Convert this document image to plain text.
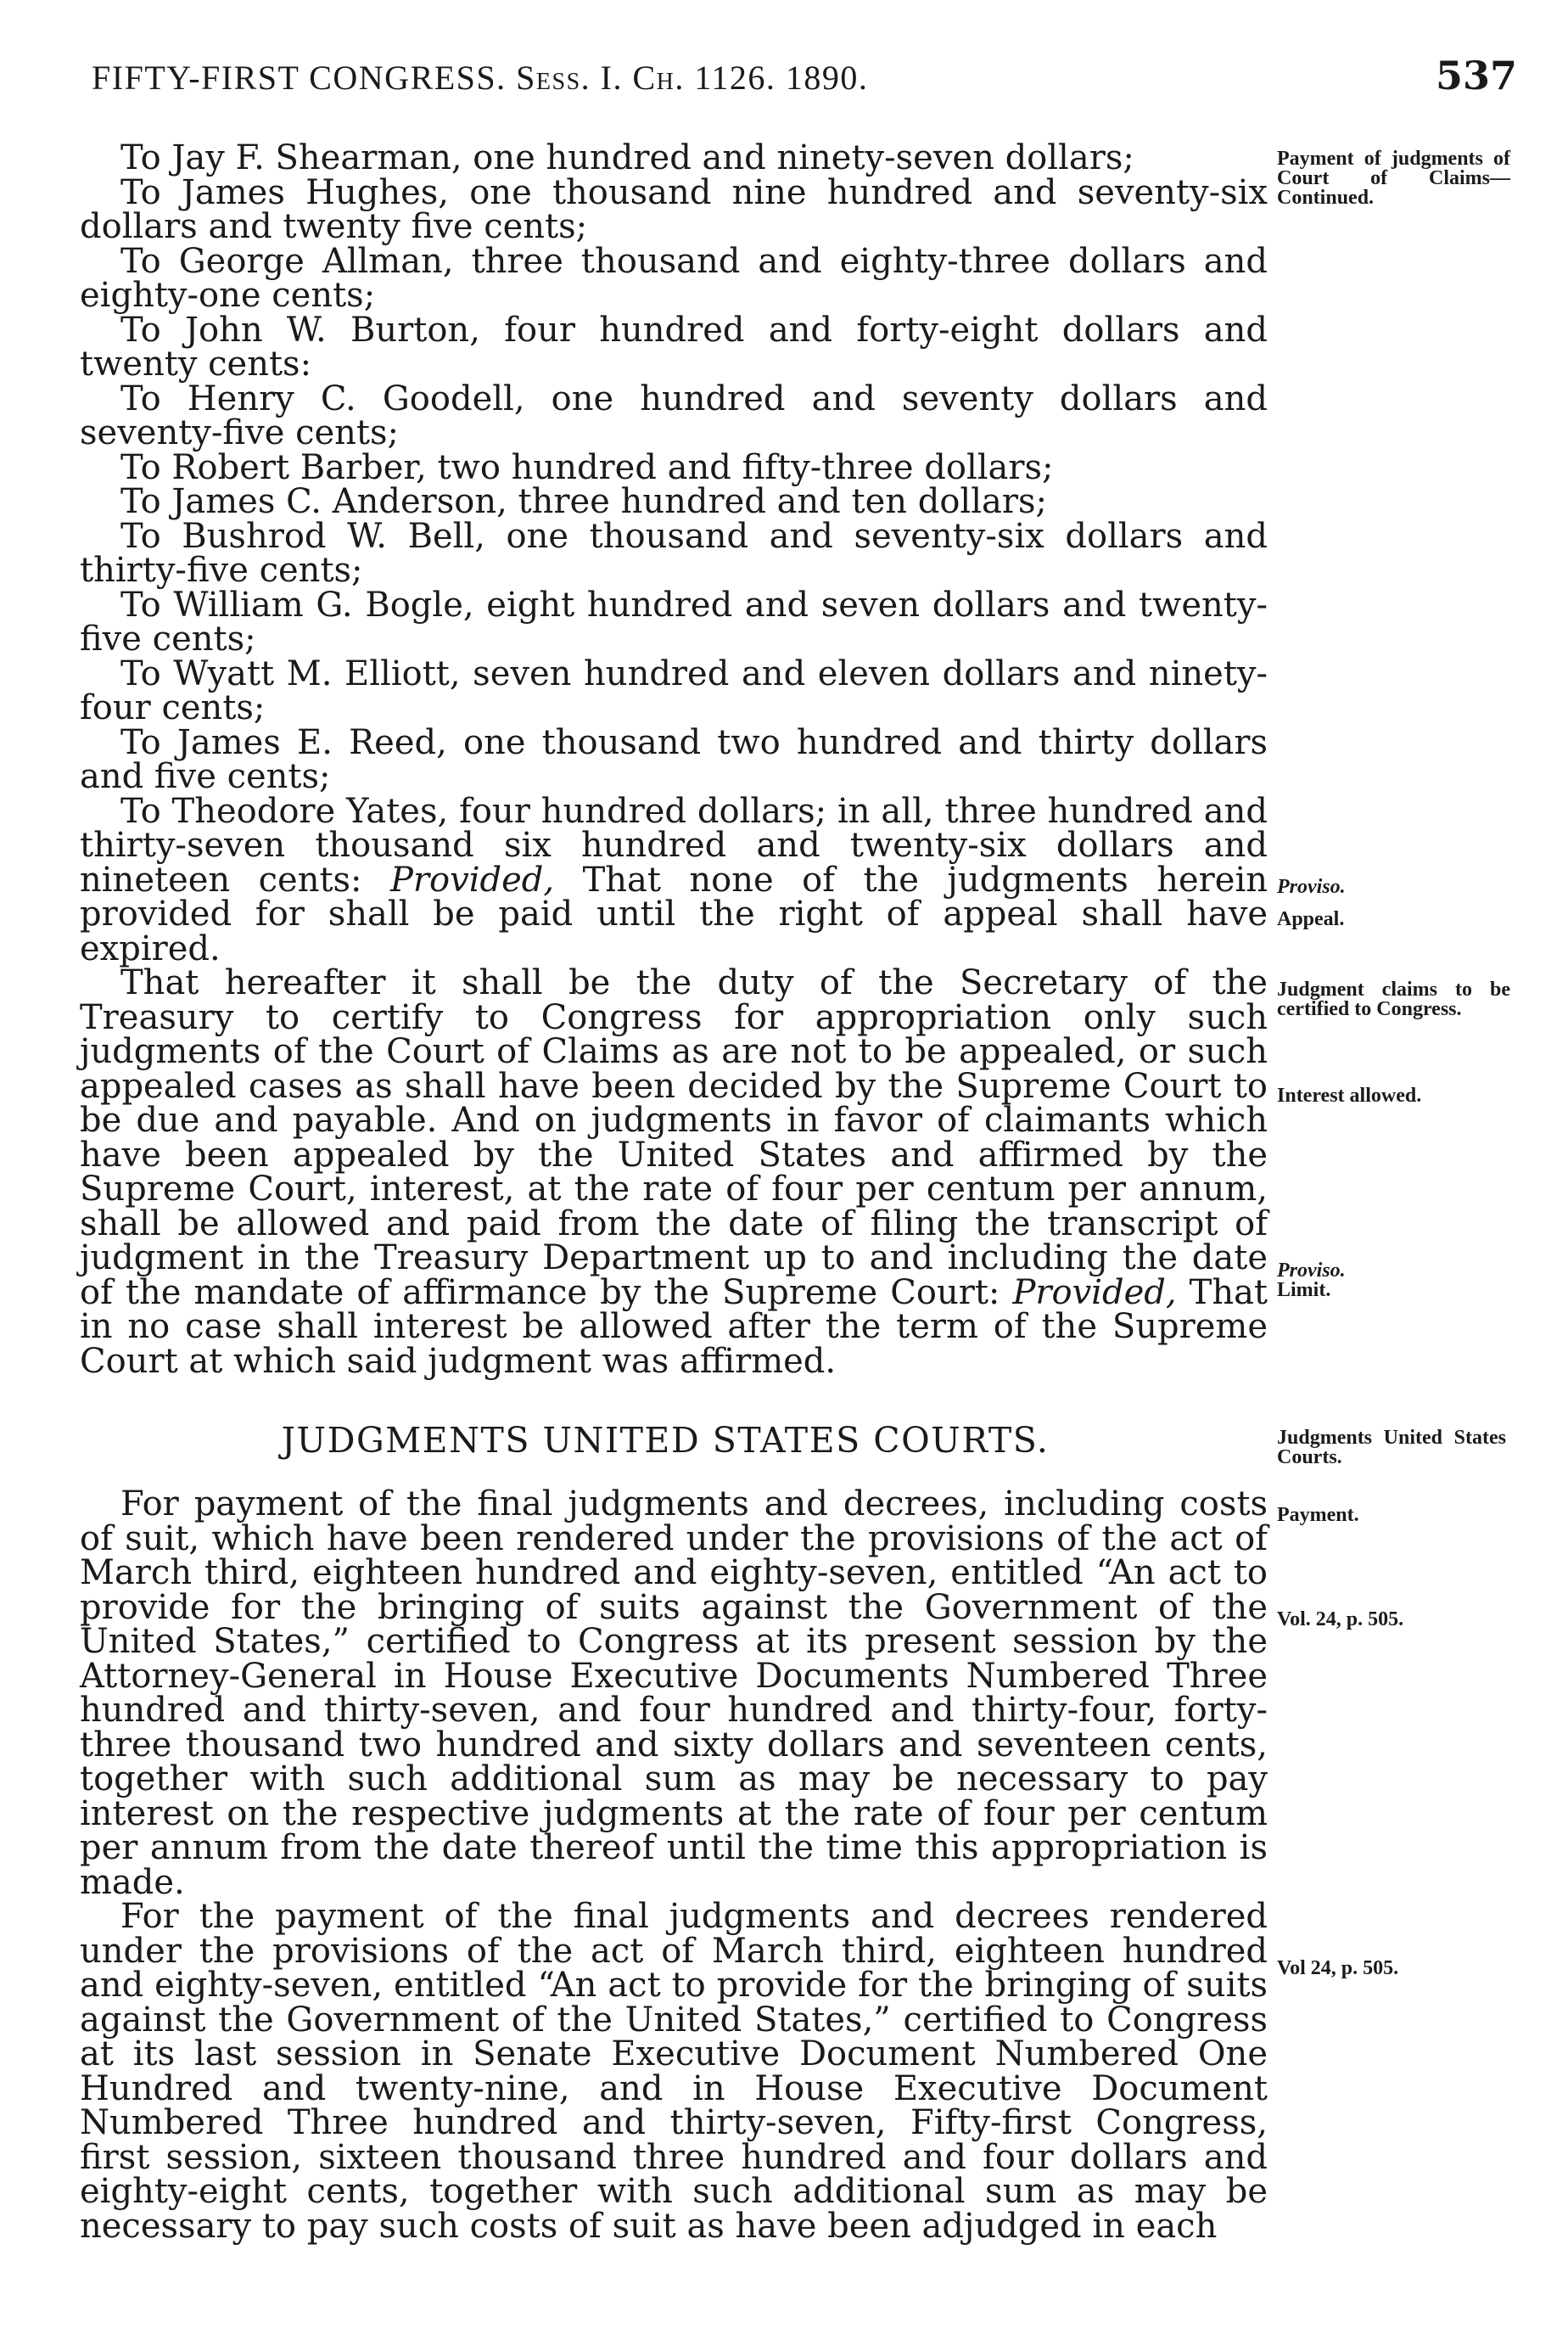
FIFTY-FIRST CONGRESS. Sess. I. Ch. 1126. 1890.	537

To Jay F. Shearman, one hundred and ninety-seven dollars;

To James Hughes, one thousand nine hundred and seventy-six dollars and twenty five cents;

To George Allman, three thousand and eighty-three dollars and eighty-one cents;

To John W. Burton, four hundred and forty-eight dollars and twenty cents:

To Henry C. Goodell, one hundred and seventy dollars and seventy-five cents;

To Robert Barber, two hundred and fifty-three dollars;

To James C. Anderson, three hundred and ten dollars;

To Bushrod W. Bell, one thousand and seventy-six dollars and thirty-five cents;

To William G. Bogle, eight hundred and seven dollars and twenty-five cents;

To Wyatt M. Elliott, seven hundred and eleven dollars and ninety-four cents;

To James E. Reed, one thousand two hundred and thirty dollars and five cents;

To Theodore Yates, four hundred dollars; in all, three hundred and thirty-seven thousand six hundred and twenty-six dollars and nineteen cents: Provided, That none of the judgments herein provided for shall be paid until the right of appeal shall have expired.

That hereafter it shall be the duty of the Secretary of the Treasury to certify to Congress for appropriation only such judgments of the Court of Claims as are not to be appealed, or such appealed cases as shall have been decided by the Supreme Court to be due and payable. And on judgments in favor of claimants which have been appealed by the United States and affirmed by the Supreme Court, interest, at the rate of four per centum per annum, shall be allowed and paid from the date of filing the transcript of judgment in the Treasury Department up to and including the date of the mandate of affirmance by the Supreme Court: Provided, That in no case shall interest be allowed after the term of the Supreme Court at which said judgment was affirmed.

JUDGMENTS UNITED STATES COURTS.

For payment of the final judgments and decrees, including costs of suit, which have been rendered under the provisions of the act of March third, eighteen hundred and eighty-seven, entitled “An act to provide for the bringing of suits against the Government of the United States,” certified to Congress at its present session by the Attorney-General in House Executive Documents Numbered Three hundred and thirty-seven, and four hundred and thirty-four, forty-three thousand two hundred and sixty dollars and seventeen cents, together with such additional sum as may be necessary to pay interest on the respective judgments at the rate of four per centum per annum from the date thereof until the time this appropriation is made.

For the payment of the final judgments and decrees rendered under the provisions of the act of March third, eighteen hundred and eighty-seven, entitled “An act to provide for the bringing of suits against the Government of the United States,” certified to Congress at its last session in Senate Executive Document Numbered One Hundred and twenty-nine, and in House Executive Document Numbered Three hundred and thirty-seven, Fifty-first Congress, first session, sixteen thousand three hundred and four dollars and eighty-eight cents, together with such additional sum as may be necessary to pay such costs of suit as have been adjudged in each

Payment of judgments of Court of Claims—Continued.
Proviso.
Appeal.
Judgment claims to be certified to Congress.
Interest allowed.
Proviso.
Limit.
Judgments United States Courts.
Payment.
Vol. 24, p. 505.
Vol 24, p. 505.
